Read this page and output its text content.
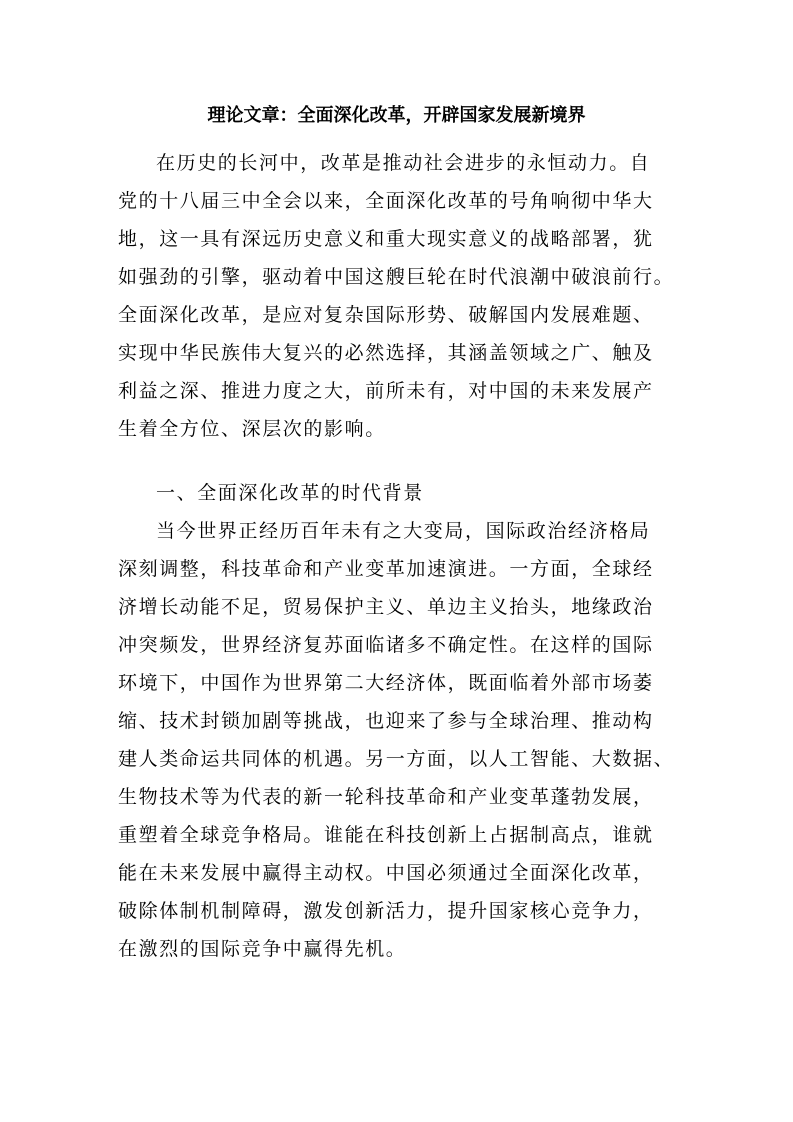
理论文章：全面深化改革，开辟国家发展新境界
在历史的长河中，改革是推动社会进步的永恒动力。自
党的十八届三中全会以来，全面深化改革的号角响彻中华大
地，这一具有深远历史意义和重大现实意义的战略部署，犹
如强劲的引擎，驱动着中国这艘巨轮在时代浪潮中破浪前行。
全面深化改革，是应对复杂国际形势、破解国内发展难题、
实现中华民族伟大复兴的必然选择，其涵盖领域之广、触及
利益之深、推进力度之大，前所未有，对中国的未来发展产
生着全方位、深层次的影响。
一、全面深化改革的时代背景
当今世界正经历百年未有之大变局，国际政治经济格局
深刻调整，科技革命和产业变革加速演进。一方面，全球经
济增长动能不足，贸易保护主义、单边主义抬头，地缘政治
冲突频发，世界经济复苏面临诸多不确定性。在这样的国际
环境下，中国作为世界第二大经济体，既面临着外部市场萎
缩、技术封锁加剧等挑战，也迎来了参与全球治理、推动构
建人类命运共同体的机遇。另一方面，以人工智能、大数据、
生物技术等为代表的新一轮科技革命和产业变革蓬勃发展，
重塑着全球竞争格局。谁能在科技创新上占据制高点，谁就
能在未来发展中赢得主动权。中国必须通过全面深化改革，
破除体制机制障碍，激发创新活力，提升国家核心竞争力，
在激烈的国际竞争中赢得先机。
